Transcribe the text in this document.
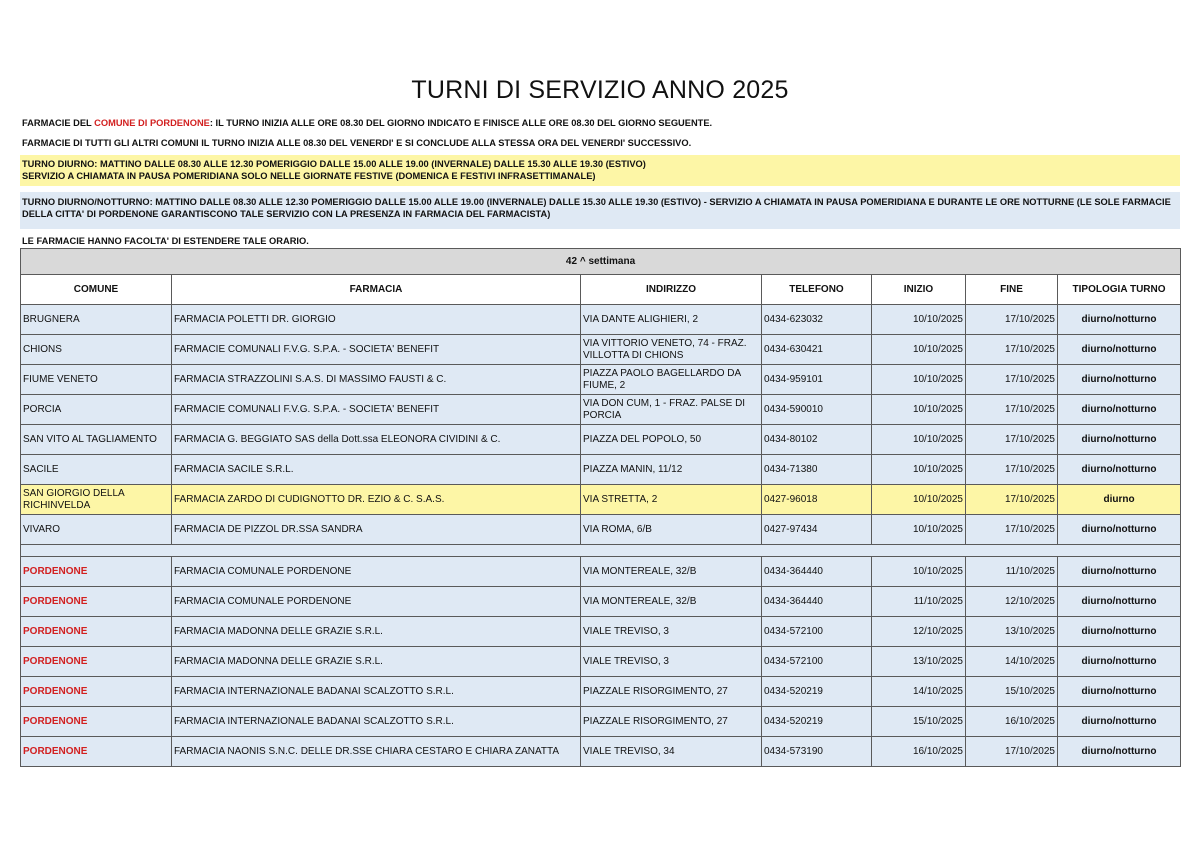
TURNI DI SERVIZIO ANNO 2025
FARMACIE DEL COMUNE DI PORDENONE: IL TURNO INIZIA ALLE ORE 08.30 DEL GIORNO INDICATO E FINISCE ALLE ORE 08.30 DEL GIORNO SEGUENTE.
FARMACIE DI TUTTI GLI ALTRI COMUNI IL TURNO INIZIA ALLE 08.30 DEL VENERDI' E SI CONCLUDE ALLA STESSA ORA DEL VENERDI' SUCCESSIVO.
TURNO DIURNO: MATTINO DALLE 08.30 ALLE 12.30 POMERIGGIO DALLE 15.00 ALLE 19.00 (INVERNALE) DALLE 15.30 ALLE 19.30 (ESTIVO)
SERVIZIO A CHIAMATA IN PAUSA POMERIDIANA SOLO NELLE GIORNATE FESTIVE (DOMENICA E FESTIVI INFRASETTIMANALE)
TURNO DIURNO/NOTTURNO: MATTINO DALLE 08.30 ALLE 12.30 POMERIGGIO DALLE 15.00 ALLE 19.00 (INVERNALE) DALLE 15.30 ALLE 19.30 (ESTIVO) - SERVIZIO A CHIAMATA IN PAUSA POMERIDIANA E DURANTE LE ORE NOTTURNE (LE SOLE FARMACIE DELLA CITTA' DI PORDENONE GARANTISCONO TALE SERVIZIO CON LA PRESENZA IN FARMACIA DEL FARMACISTA)
LE FARMACIE HANNO FACOLTA' DI ESTENDERE TALE ORARIO.
42 ^ settimana						
COMUNE	FARMACIA	INDIRIZZO	TELEFONO	INIZIO	FINE	TIPOLOGIA TURNO
BRUGNERA	FARMACIA POLETTI DR. GIORGIO	VIA DANTE ALIGHIERI, 2	0434-623032	10/10/2025	17/10/2025	diurno/notturno
CHIONS	FARMACIE COMUNALI F.V.G. S.P.A. - SOCIETA' BENEFIT	VIA VITTORIO VENETO, 74 - FRAZ. VILLOTTA DI CHIONS	0434-630421	10/10/2025	17/10/2025	diurno/notturno
FIUME VENETO	FARMACIA STRAZZOLINI S.A.S. DI MASSIMO FAUSTI & C.	PIAZZA PAOLO BAGELLARDO DA FIUME, 2	0434-959101	10/10/2025	17/10/2025	diurno/notturno
PORCIA	FARMACIE COMUNALI F.V.G. S.P.A. - SOCIETA' BENEFIT	VIA DON CUM, 1 - FRAZ. PALSE DI PORCIA	0434-590010	10/10/2025	17/10/2025	diurno/notturno
SAN VITO AL TAGLIAMENTO	FARMACIA G. BEGGIATO SAS della Dott.ssa ELEONORA CIVIDINI & C.	PIAZZA DEL POPOLO, 50	0434-80102	10/10/2025	17/10/2025	diurno/notturno
SACILE	FARMACIA SACILE S.R.L.	PIAZZA MANIN, 11/12	0434-71380	10/10/2025	17/10/2025	diurno/notturno
SAN GIORGIO DELLA RICHINVELDA	FARMACIA ZARDO DI CUDIGNOTTO DR. EZIO & C. S.A.S.	VIA STRETTA, 2	0427-96018	10/10/2025	17/10/2025	diurno
VIVARO	FARMACIA DE PIZZOL DR.SSA SANDRA	VIA ROMA, 6/B	0427-97434	10/10/2025	17/10/2025	diurno/notturno

PORDENONE	FARMACIA COMUNALE PORDENONE	VIA MONTEREALE, 32/B	0434-364440	10/10/2025	11/10/2025	diurno/notturno
PORDENONE	FARMACIA COMUNALE PORDENONE	VIA MONTEREALE, 32/B	0434-364440	11/10/2025	12/10/2025	diurno/notturno
PORDENONE	FARMACIA MADONNA DELLE GRAZIE S.R.L.	VIALE TREVISO, 3	0434-572100	12/10/2025	13/10/2025	diurno/notturno
PORDENONE	FARMACIA MADONNA DELLE GRAZIE S.R.L.	VIALE TREVISO, 3	0434-572100	13/10/2025	14/10/2025	diurno/notturno
PORDENONE	FARMACIA INTERNAZIONALE BADANAI SCALZOTTO S.R.L.	PIAZZALE RISORGIMENTO, 27	0434-520219	14/10/2025	15/10/2025	diurno/notturno
PORDENONE	FARMACIA INTERNAZIONALE BADANAI SCALZOTTO S.R.L.	PIAZZALE RISORGIMENTO, 27	0434-520219	15/10/2025	16/10/2025	diurno/notturno
PORDENONE	FARMACIA NAONIS S.N.C. DELLE DR.SSE CHIARA CESTARO E CHIARA ZANATTA	VIALE TREVISO, 34	0434-573190	16/10/2025	17/10/2025	diurno/notturno
